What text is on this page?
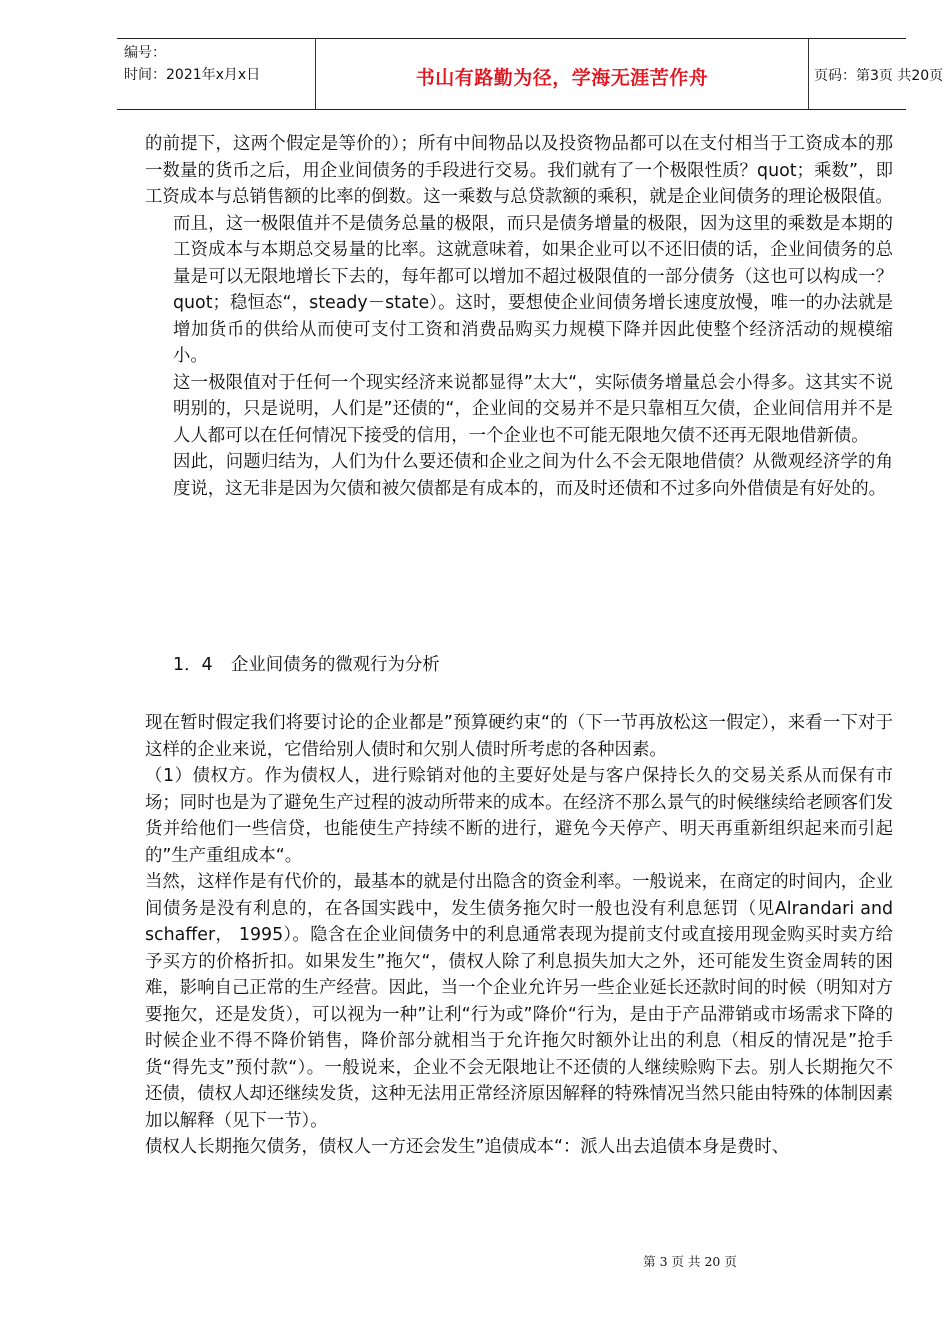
编号：
时间：2021年x月x日	书山有路勤为径，学海无涯苦作舟	页码：第3页 共20页

的前提下，这两个假定是等价的）；所有中间物品以及投资物品都可以在支付相当于工资成本的那一数量的货币之后，用企业间债务的手段进行交易。我们就有了一个极限性质？quot；乘数”，即工资成本与总销售额的比率的倒数。这一乘数与总贷款额的乘积，就是企业间债务的理论极限值。

而且，这一极限值并不是债务总量的极限，而只是债务增量的极限，因为这里的乘数是本期的工资成本与本期总交易量的比率。这就意味着，如果企业可以不还旧债的话，企业间债务的总量是可以无限地增长下去的，每年都可以增加不超过极限值的一部分债务（这也可以构成一？quot；稳恒态“，steady－state）。这时，要想使企业间债务增长速度放慢，唯一的办法就是增加货币的供给从而使可支付工资和消费品购买力规模下降并因此使整个经济活动的规模缩小。

这一极限值对于任何一个现实经济来说都显得”太大“，实际债务增量总会小得多。这其实不说明别的，只是说明，人们是”还债的“，企业间的交易并不是只靠相互欠债，企业间信用并不是人人都可以在任何情况下接受的信用，一个企业也不可能无限地欠债不还再无限地借新债。

因此，问题归结为，人们为什么要还债和企业之间为什么不会无限地借债？从微观经济学的角度说，这无非是因为欠债和被欠债都是有成本的，而及时还债和不过多向外借债是有好处的。

1．4 企业间债务的微观行为分析

现在暂时假定我们将要讨论的企业都是”预算硬约束“的（下一节再放松这一假定），来看一下对于这样的企业来说，它借给别人债时和欠别人债时所考虑的各种因素。

（1）债权方。作为债权人，进行赊销对他的主要好处是与客户保持长久的交易关系从而保有市场；同时也是为了避免生产过程的波动所带来的成本。在经济不那么景气的时候继续给老顾客们发货并给他们一些信贷，也能使生产持续不断的进行，避免今天停产、明天再重新组织起来而引起的”生产重组成本“。

当然，这样作是有代价的，最基本的就是付出隐含的资金利率。一般说来，在商定的时间内，企业间债务是没有利息的，在各国实践中，发生债务拖欠时一般也没有利息惩罚（见Alrandari and schaffer， 1995）。隐含在企业间债务中的利息通常表现为提前支付或直接用现金购买时卖方给予买方的价格折扣。如果发生”拖欠“，债权人除了利息损失加大之外，还可能发生资金周转的困难，影响自己正常的生产经营。因此，当一个企业允许另一些企业延长还款时间的时候（明知对方要拖欠，还是发货），可以视为一种”让利“行为或”降价“行为，是由于产品滞销或市场需求下降的时候企业不得不降价销售，降价部分就相当于允许拖欠时额外让出的利息（相反的情况是”抢手货“得先支”预付款“）。一般说来，企业不会无限地让不还债的人继续赊购下去。别人长期拖欠不还债，债权人却还继续发货，这种无法用正常经济原因解释的特殊情况当然只能由特殊的体制因素加以解释（见下一节）。

债权人长期拖欠债务，债权人一方还会发生”追债成本“：派人出去追债本身是费时、

第 3 页 共 20 页
